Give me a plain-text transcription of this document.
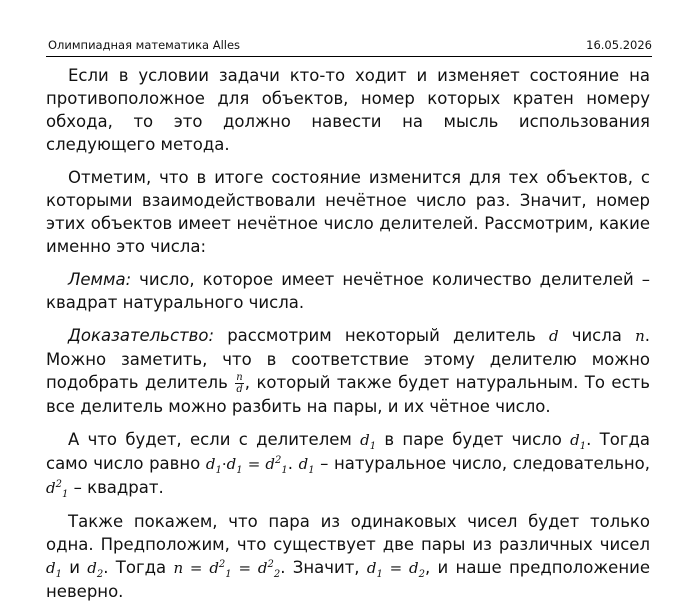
Олимпиадная математика Alles	16.05.2026

Если в условии задачи кто-то ходит и изменяет состояние на противоположное для объектов, номер которых кратен номеру обхода, то это должно навести на мысль использования следующего метода.

Отметим, что в итоге состояние изменится для тех объектов, с которыми взаимодействовали нечётное число раз. Значит, номер этих объектов имеет нечётное число делителей. Рассмотрим, какие именно это числа:

Лемма: число, которое имеет нечётное количество делителей – квадрат натурального числа.

Доказательство: рассмотрим некоторый делитель d числа n. Можно заметить, что в соответствие этому делителю можно подобрать делитель $\frac{n}{d}$ , который также будет натуральным. То есть все делитель можно разбить на пары, и их чётное число.

А что будет, если с делителем $d_1$ в паре будет число $d_1$. Тогда само число равно $d_1\cdot d_1 = d^2_1$. $d_1$ – натуральное число, следовательно, $d^2_1$ – квадрат.

Также покажем, что пара из одинаковых чисел будет только одна. Предположим, что существует две пары из различных чисел $d_1$ и $d_2$. Тогда $n = d^2_1 = d^2_2$. Значит, $d_1 = d_2$, и наше предположение неверно.
